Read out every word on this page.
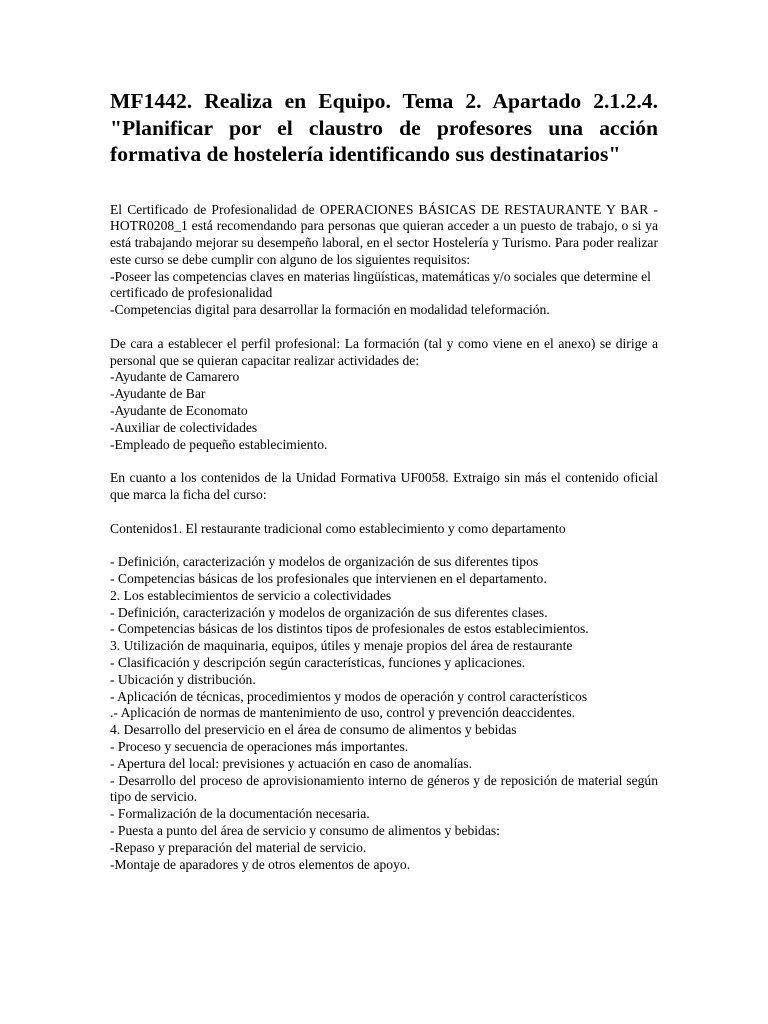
MF1442. Realiza en Equipo. Tema 2. Apartado 2.1.2.4. "Planificar por el claustro de profesores una acción formativa de hostelería identificando sus destinatarios"

El Certificado de Profesionalidad de OPERACIONES BÁSICAS DE RESTAURANTE Y BAR - HOTR0208_1 está recomendando para personas que quieran acceder a un puesto de trabajo, o si ya está trabajando mejorar su desempeño laboral, en el sector Hostelería y Turismo. Para poder realizar este curso se debe cumplir con alguno de los siguientes requisitos:

-Poseer las competencias claves en materias lingüísticas, matemáticas y/o sociales que determine el certificado de profesionalidad
-Competencias digital para desarrollar la formación en modalidad teleformación.

De cara a establecer el perfil profesional: La formación (tal y como viene en el anexo) se dirige a personal que se quieran capacitar realizar actividades de:

-Ayudante de Camarero
-Ayudante de Bar
-Ayudante de Economato
-Auxiliar de colectividades
-Empleado de pequeño establecimiento.

En cuanto a los contenidos de la Unidad Formativa UF0058. Extraigo sin más el contenido oficial que marca la ficha del curso:

Contenidos1. El restaurante tradicional como establecimiento y como departamento

- Definición, caracterización y modelos de organización de sus diferentes tipos
- Competencias básicas de los profesionales que intervienen en el departamento.
2. Los establecimientos de servicio a colectividades
- Definición, caracterización y modelos de organización de sus diferentes clases.
- Competencias básicas de los distintos tipos de profesionales de estos establecimientos.
3. Utilización de maquinaria, equipos, útiles y menaje propios del área de restaurante
- Clasificación y descripción según características, funciones y aplicaciones.
- Ubicación y distribución.
- Aplicación de técnicas, procedimientos y modos de operación y control característicos
.- Aplicación de normas de mantenimiento de uso, control y prevención deaccidentes.
4. Desarrollo del preservicio en el área de consumo de alimentos y bebidas
- Proceso y secuencia de operaciones más importantes.
- Apertura del local: previsiones y actuación en caso de anomalías.

- Desarrollo del proceso de aprovisionamiento interno de géneros y de reposición de material según tipo de servicio.

- Formalización de la documentación necesaria.
- Puesta a punto del área de servicio y consumo de alimentos y bebidas:
-Repaso y preparación del material de servicio.
-Montaje de aparadores y de otros elementos de apoyo.
